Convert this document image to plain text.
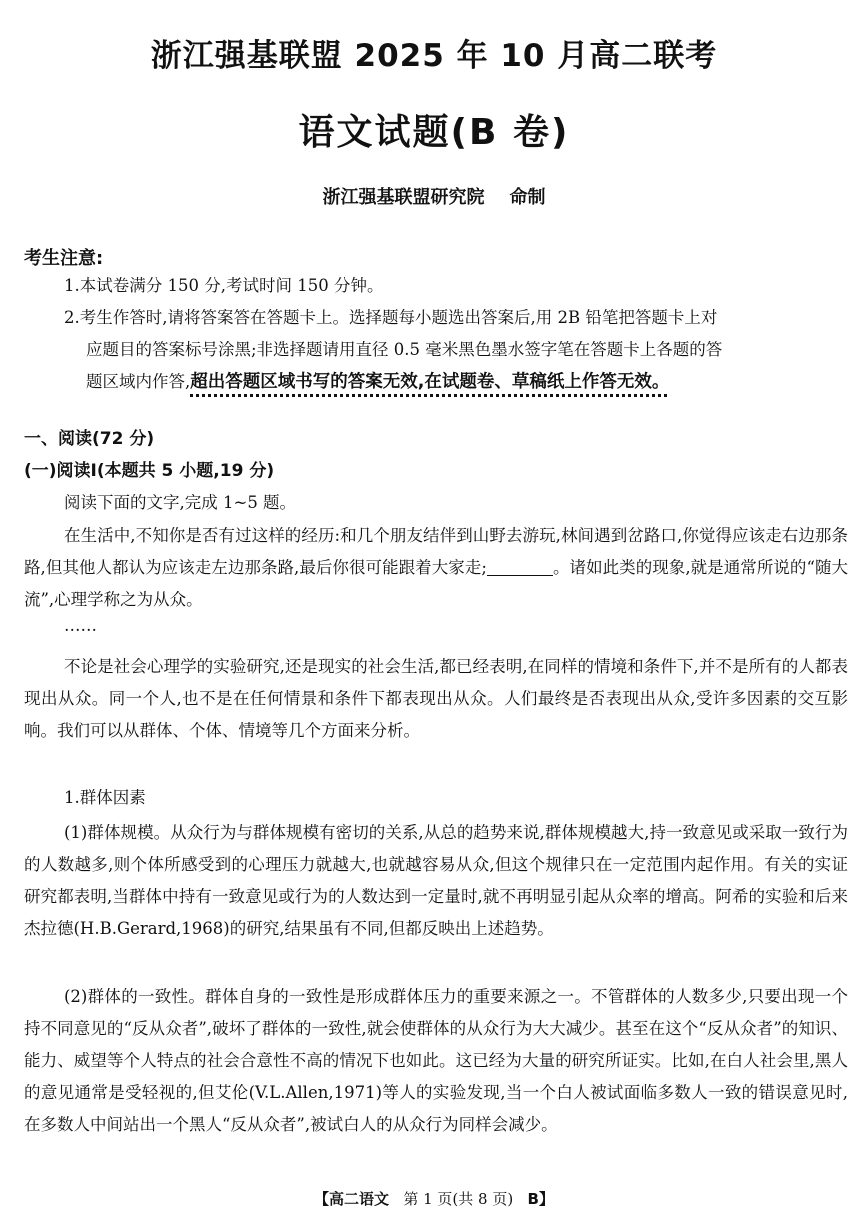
浙江强基联盟 2025 年 10 月高二联考
语文试题(B 卷)
浙江强基联盟研究院    命制
考生注意:
1.本试卷满分 150 分,考试时间 150 分钟。
2.考生作答时,请将答案答在答题卡上。选择题每小题选出答案后,用 2B 铅笔把答题卡上对
应题目的答案标号涂黑;非选择题请用直径 0.5 毫米黑色墨水签字笔在答题卡上各题的答
题区域内作答,超出答题区域书写的答案无效,在试题卷、草稿纸上作答无效。
一、阅读(72 分)
(一)阅读Ⅰ(本题共 5 小题,19 分)
阅读下面的文字,完成 1~5 题。
在生活中,不知你是否有过这样的经历:和几个朋友结伴到山野去游玩,林间遇到岔路口,你觉得应该走右边那条路,但其他人都认为应该走左边那条路,最后你很可能跟着大家走;	。诸如此类的现象,就是通常所说的“随大流”,心理学称之为从众。
……
不论是社会心理学的实验研究,还是现实的社会生活,都已经表明,在同样的情境和条件下,并不是所有的人都表现出从众。同一个人,也不是在任何情景和条件下都表现出从众。人们最终是否表现出从众,受许多因素的交互影响。我们可以从群体、个体、情境等几个方面来分析。
1.群体因素
(1)群体规模。从众行为与群体规模有密切的关系,从总的趋势来说,群体规模越大,持一致意见或采取一致行为的人数越多,则个体所感受到的心理压力就越大,也就越容易从众,但这个规律只在一定范围内起作用。有关的实证研究都表明,当群体中持有一致意见或行为的人数达到一定量时,就不再明显引起从众率的增高。阿希的实验和后来杰拉德(H.B.Gerard,1968)的研究,结果虽有不同,但都反映出上述趋势。
(2)群体的一致性。群体自身的一致性是形成群体压力的重要来源之一。不管群体的人数多少,只要出现一个持不同意见的“反从众者”,破坏了群体的一致性,就会使群体的从众行为大大减少。甚至在这个“反从众者”的知识、能力、威望等个人特点的社会合意性不高的情况下也如此。这已经为大量的研究所证实。比如,在白人社会里,黑人的意见通常是受轻视的,但艾伦(V.L.Allen,1971)等人的实验发现,当一个白人被试面临多数人一致的错误意见时,在多数人中间站出一个黑人“反从众者”,被试白人的从众行为同样会减少。
【高二语文   第 1 页(共 8 页)   B】
